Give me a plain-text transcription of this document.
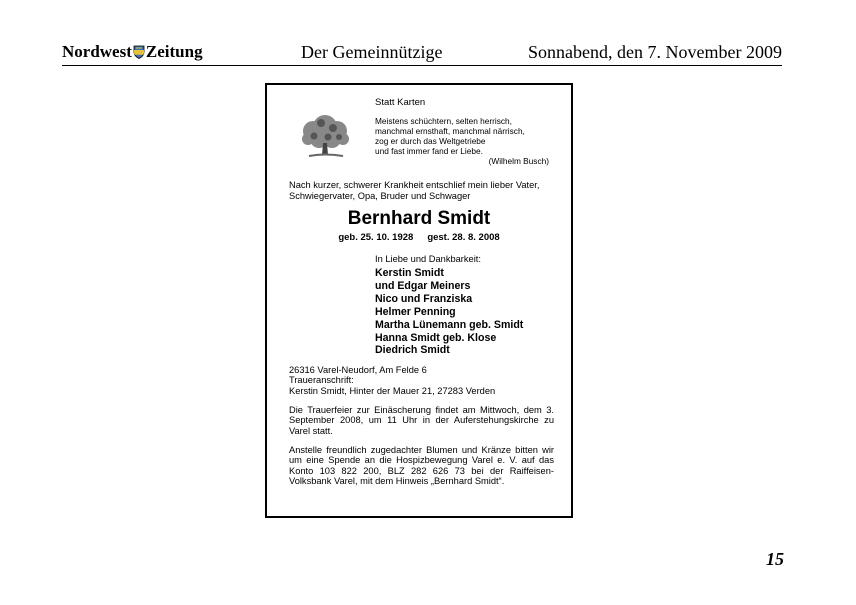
Nordwest Zeitung	Der Gemeinnützige	Sonnabend, den 7. November 2009
Statt Karten
Meistens schüchtern, selten herrisch,
manchmal ernsthaft, manchmal närrisch,
zog er durch das Weltgetriebe
und fast immer fand er Liebe.
(Wilhelm Busch)
Nach kurzer, schwerer Krankheit entschlief mein lieber Vater, Schwiegervater, Opa, Bruder und Schwager
Bernhard Smidt
geb. 25. 10. 1928 gest. 28. 8. 2008
In Liebe und Dankbarkeit:
Kerstin Smidt
und Edgar Meiners
Nico und Franziska
Helmer Penning
Martha Lünemann geb. Smidt
Hanna Smidt geb. Klose
Diedrich Smidt
26316 Varel-Neudorf, Am Felde 6
Traueranschrift:
Kerstin Smidt, Hinter der Mauer 21, 27283 Verden
Die Trauerfeier zur Einäscherung findet am Mittwoch, dem 3. September 2008, um 11 Uhr in der Auferstehungskirche zu Varel statt.
Anstelle freundlich zugedachter Blumen und Kränze bitten wir um eine Spende an die Hospizbewegung Varel e. V. auf das Konto 103 822 200, BLZ 282 626 73 bei der Raiffeisen-Volksbank Varel, mit dem Hinweis „Bernhard Smidt“.
15
